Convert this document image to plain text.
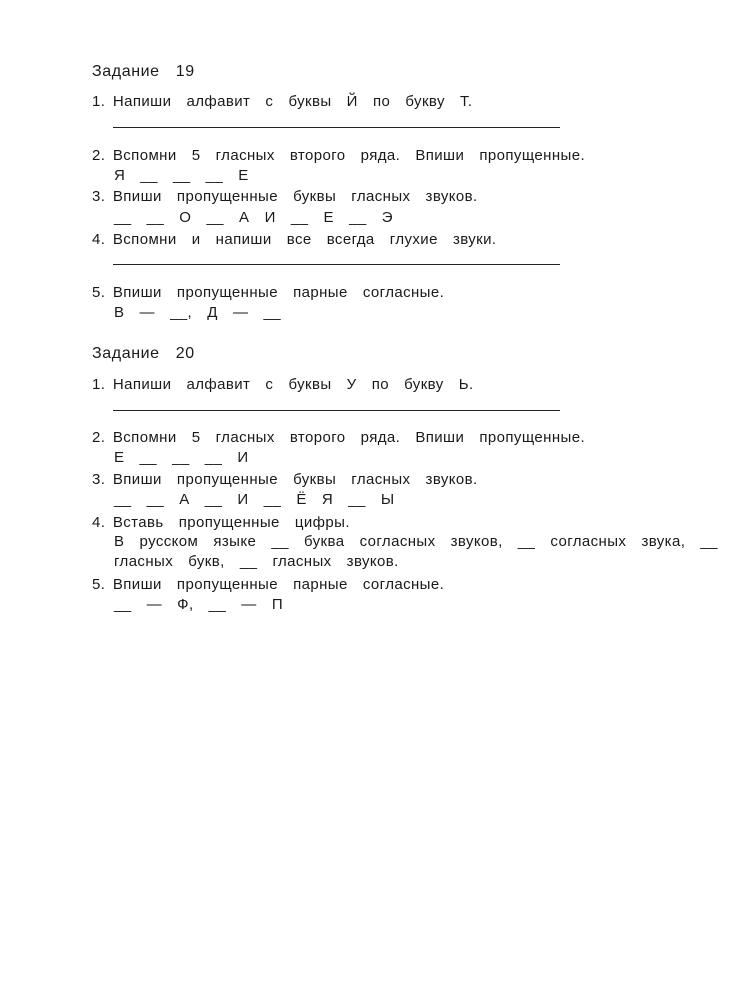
Задание  19
1. Напиши  алфавит  с  буквы  Й  по  букву  Т.
2. Вспомни  5  гласных  второго  ряда.  Впиши  пропущенные.
Я  __  __  __  Е
3. Впиши  пропущенные  буквы  гласных  звуков.
__  __  О  __  А  И  __  Е  __  Э
4. Вспомни  и  напиши  все  всегда  глухие  звуки.
5. Впиши  пропущенные  парные  согласные.
В  —  __,  Д  —  __
Задание  20
1. Напиши  алфавит  с  буквы  У  по  букву  Ь.
2. Вспомни  5  гласных  второго  ряда.  Впиши  пропущенные.
Е  __  __  __  И
3. Впиши  пропущенные  буквы  гласных  звуков.
__  __  А  __  И  __  Ё  Я  __  Ы
4. Вставь  пропущенные  цифры.
В  русском  языке  __  буква  согласных  звуков,  __  согласных  звука,  __
гласных  букв,  __  гласных  звуков.
5. Впиши  пропущенные  парные  согласные.
__  —  Ф,  __  —  П
